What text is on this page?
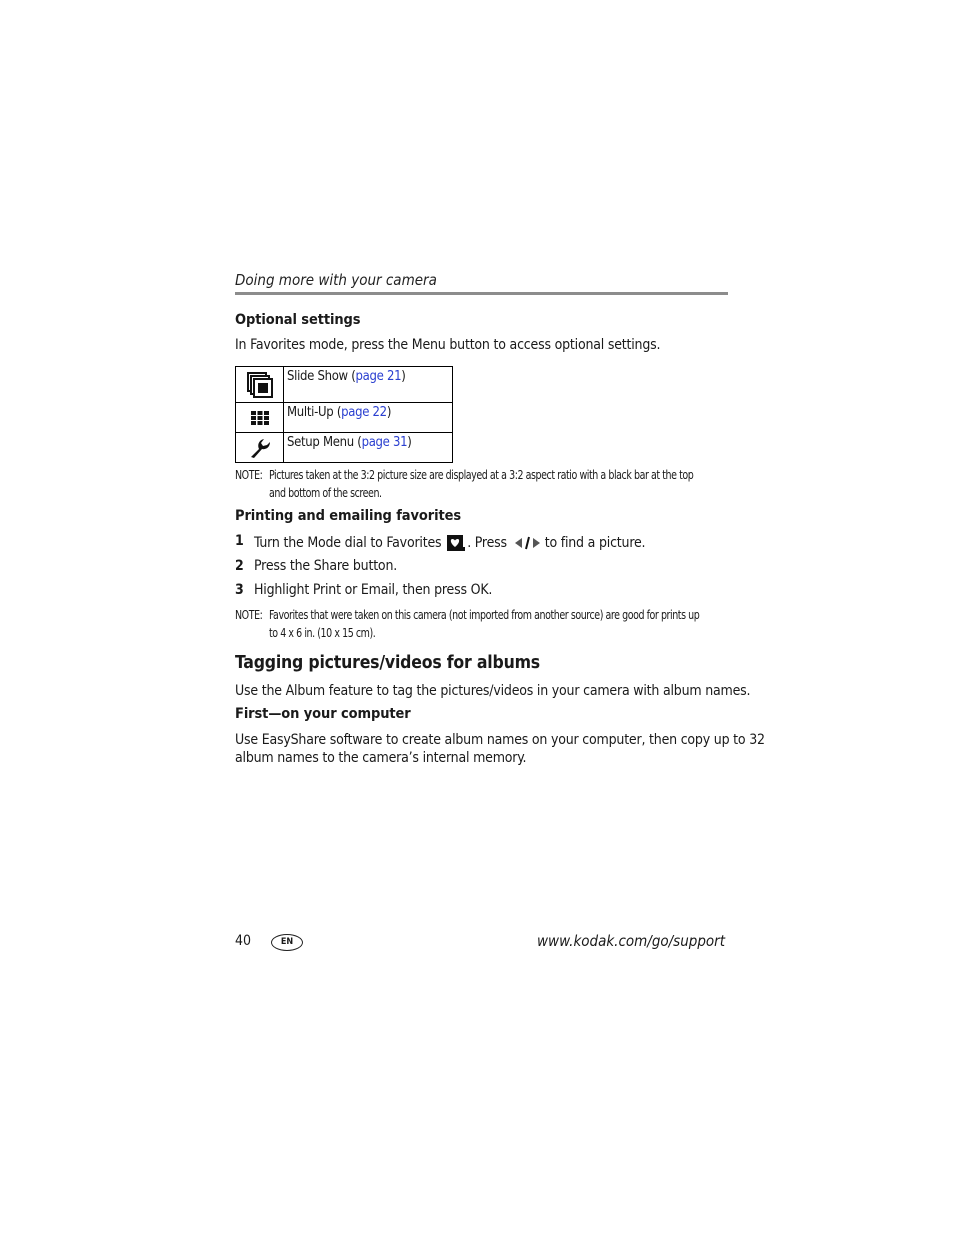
Doing more with your camera
Optional settings
In Favorites mode, press the Menu button to access optional settings.
	Slide Show (page 21)

	Multi-Up (page 22)

	Setup Menu (page 31)
NOTE: Pictures taken at the 3:2 picture size are displayed at a 3:2 aspect ratio with a black bar at the top
and bottom of the screen.
Printing and emailing favorites
1 Turn the Mode dial to Favorites . Press	to find a picture.
2 Press the Share button.
3 Highlight Print or Email, then press OK.
NOTE: Favorites that were taken on this camera (not imported from another source) are good for prints up
to 4 x 6 in. (10 x 15 cm).
Tagging pictures/videos for albums
Use the Album feature to tag the pictures/videos in your camera with album names.
First—on your computer
Use EasyShare software to create album names on your computer, then copy up to 32
album names to the camera’s internal memory.
40	EN	www.kodak.com/go/support
